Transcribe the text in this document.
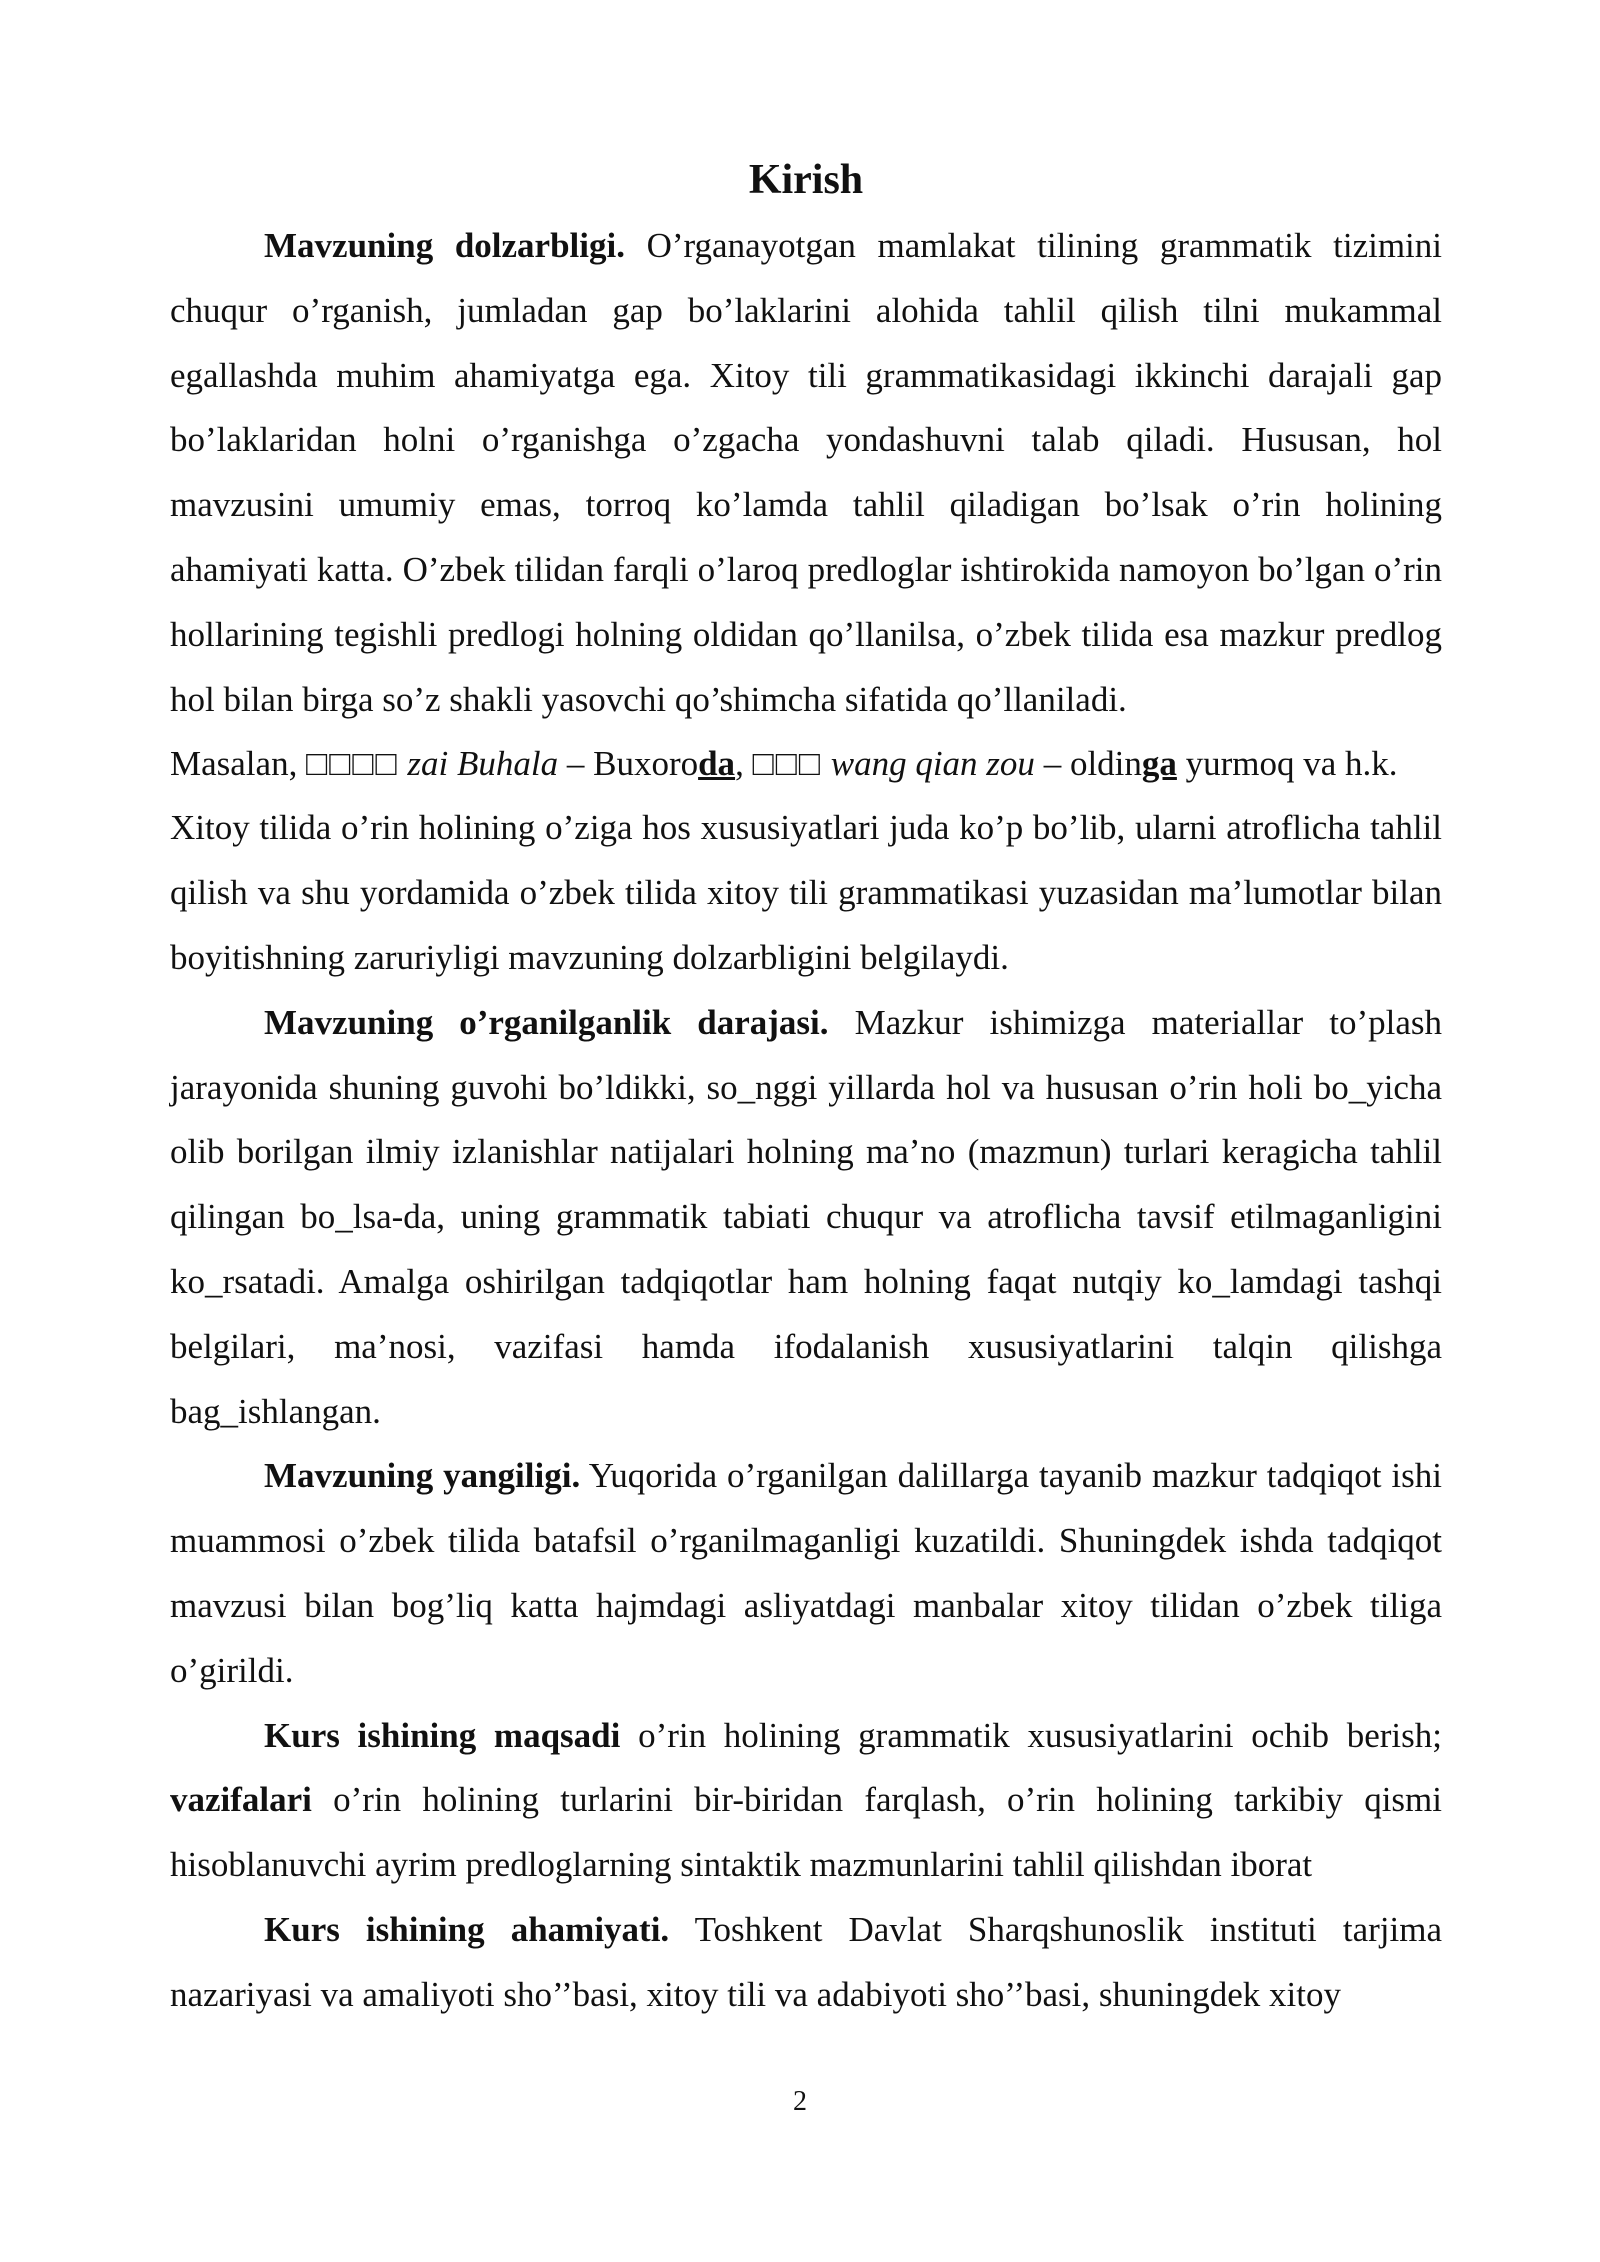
Kirish

Mavzuning dolzarbligi. O’rganayotgan mamlakat tilining grammatik tizimini chuqur o’rganish, jumladan gap bo’laklarini alohida tahlil qilish tilni mukammal egallashda muhim ahamiyatga ega. Xitoy tili grammatikasidagi ikkinchi darajali gap bo’laklaridan holni o’rganishga o’zgacha yondashuvni talab qiladi. Hususan, hol mavzusini umumiy emas, torroq ko’lamda tahlil qiladigan bo’lsak o’rin holining ahamiyati katta. O’zbek tilidan farqli o’laroq predloglar ishtirokida namoyon bo’lgan o’rin hollarining tegishli predlogi holning oldidan qo’llanilsa, o’zbek tilida esa mazkur predlog hol bilan birga so’z shakli yasovchi qo’shimcha sifatida qo’llaniladi.

Masalan, □□□□ zai Buhala – Buxoroda, □□□ wang qian zou – oldinga yurmoq va h.k.

Xitoy tilida o’rin holining o’ziga hos xususiyatlari juda ko’p bo’lib, ularni atroflicha tahlil qilish va shu yordamida o’zbek tilida xitoy tili grammatikasi yuzasidan ma’lumotlar bilan boyitishning zaruriyligi mavzuning dolzarbligini belgilaydi.

Mavzuning o’rganilganlik darajasi. Mazkur ishimizga materiallar to’plash jarayonida shuning guvohi bo’ldikki, so_nggi yillarda hol va hususan o’rin holi bo_yicha olib borilgan ilmiy izlanishlar natijalari holning ma’no (mazmun) turlari keragicha tahlil qilingan bo_lsa-da, uning grammatik tabiati chuqur va atroflicha tavsif etilmaganligini ko_rsatadi. Amalga oshirilgan tadqiqotlar ham holning faqat nutqiy ko_lamdagi tashqi belgilari, ma’nosi, vazifasi hamda ifodalanish xususiyatlarini talqin qilishga bag_ishlangan.

Mavzuning yangiligi. Yuqorida o’rganilgan dalillarga tayanib mazkur tadqiqot ishi muammosi o’zbek tilida batafsil o’rganilmaganligi kuzatildi. Shuningdek ishda tadqiqot mavzusi bilan bog’liq katta hajmdagi asliyatdagi manbalar xitoy tilidan o’zbek tiliga o’girildi.

Kurs ishining maqsadi o’rin holining grammatik xususiyatlarini ochib berish; vazifalari o’rin holining turlarini bir-biridan farqlash, o’rin holining tarkibiy qismi hisoblanuvchi ayrim predloglarning sintaktik mazmunlarini tahlil qilishdan iborat

Kurs ishining ahamiyati. Toshkent Davlat Sharqshunoslik instituti tarjima nazariyasi va amaliyoti sho’’basi, xitoy tili va adabiyoti sho’’basi, shuningdek xitoy

2
